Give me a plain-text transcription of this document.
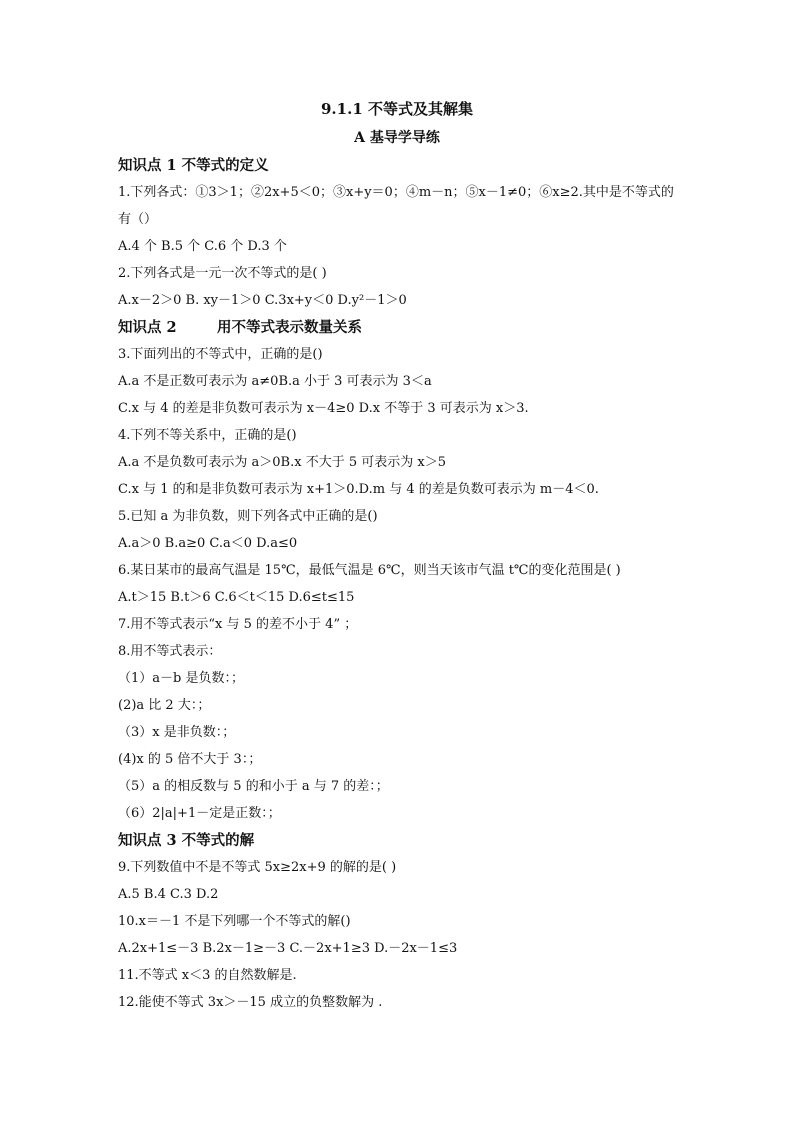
9.1.1 不等式及其解集
A 基导学导练
知识点 1 不等式的定义
1.下列各式：①3＞1；②2x+5＜0；③x+y＝0；④m－n；⑤x－1≠0；⑥x≥2.其中是不等式的
有（）
A.4 个 B.5 个 C.6 个 D.3 个
2.下列各式是一元一次不等式的是( )
A.x－2＞0 B. xy－1＞0 C.3x+y＜0 D.y²－1＞0
知识点 2        用不等式表示数量关系
3.下面列出的不等式中，正确的是()
A.a 不是正数可表示为 a≠0B.a 小于 3 可表示为 3＜a
C.x 与 4 的差是非负数可表示为 x－4≥0 D.x 不等于 3 可表示为 x＞3.
4.下列不等关系中，正确的是()
A.a 不是负数可表示为 a＞0B.x 不大于 5 可表示为 x＞5
C.x 与 1 的和是非负数可表示为 x+1＞0.D.m 与 4 的差是负数可表示为 m－4＜0.
5.已知 a 为非负数，则下列各式中正确的是()
A.a＞0 B.a≥0 C.a＜0 D.a≤0
6.某日某市的最高气温是 15℃，最低气温是 6℃，则当天该市气温 t℃的变化范围是( )
A.t＞15 B.t＞6 C.6＜t＜15 D.6≤t≤15
7.用不等式表示“x 与 5 的差不小于 4” ；
8.用不等式表示：
（1）a－b 是负数：；
(2)a 比 2 大：；
（3）x 是非负数：；
(4)x 的 5 倍不大于 3：；
（5）a 的相反数与 5 的和小于 a 与 7 的差：；
（6）2|a|+1－定是正数：；
知识点 3 不等式的解
9.下列数值中不是不等式 5x≥2x+9 的解的是( )
A.5 B.4 C.3 D.2
10.x＝－1 不是下列哪一个不等式的解()
A.2x+1≤－3 B.2x－1≥－3 C.－2x+1≥3 D.－2x－1≤3
11.不等式 x＜3 的自然数解是.
12.能使不等式 3x＞－15 成立的负整数解为 .
